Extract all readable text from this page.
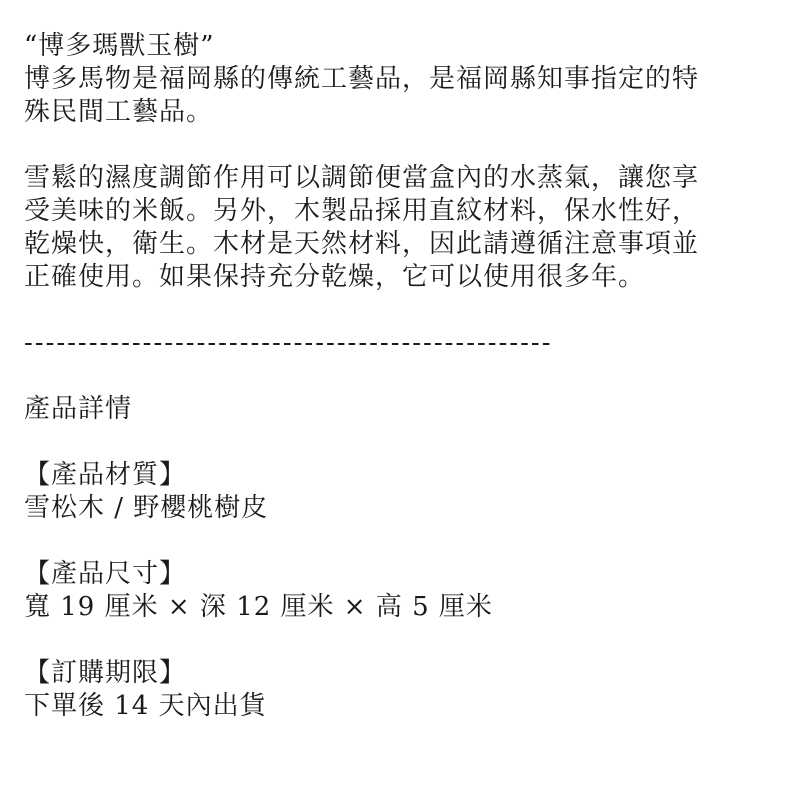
“博多瑪獸玉樹”
博多馬物是福岡縣的傳統工藝品，是福岡縣知事指定的特
殊民間工藝品。
雪鬆的濕度調節作用可以調節便當盒內的水蒸氣，讓您享
受美味的米飯。另外，木製品採用直紋材料，保水性好，
乾燥快，衛生。木材是天然材料，因此請遵循注意事項並
正確使用。如果保持充分乾燥，它可以使用很多年。
-------------------------------------------------
產品詳情
【產品材質】
雪松木 / 野櫻桃樹皮
【產品尺寸】
寬 19 厘米 × 深 12 厘米 × 高 5 厘米
【訂購期限】
下單後 14 天內出貨
